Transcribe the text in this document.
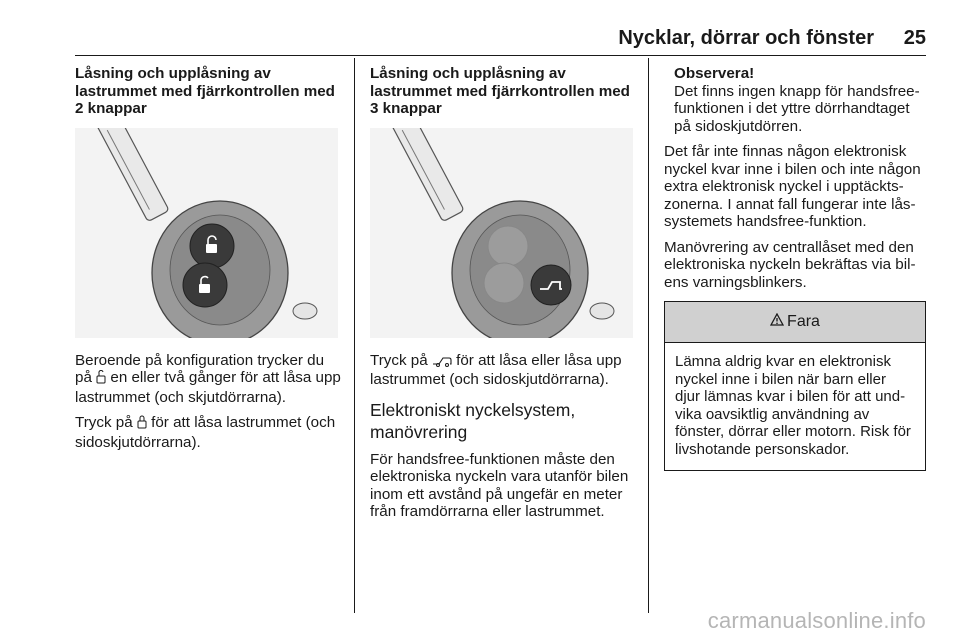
Nycklar, dörrar och fönster 25
Låsning och upplåsning av lastrummet med fjärrkontrollen med 2 knappar

Beroende på konfiguration trycker du på en eller två gånger för att låsa upp lastrummet (och skjutdörrarna).

Tryck på för att låsa lastrummet (och sidoskjutdörrarna).

Låsning och upplåsning av lastrummet med fjärrkontrollen med 3 knappar

Tryck på för att låsa eller låsa upp lastrummet (och sidoskjutdörrarna).

Elektroniskt nyckelsystem, manövrering

För handsfree-funktionen måste den elektroniska nyckeln vara utanför bilen inom ett avstånd på ungefär en meter från framdörrarna eller lastrummet.

Observera!
Det finns ingen knapp för handsfree-funktionen i det yttre dörrhandtaget på sidoskjutdörren.

Det får inte finnas någon elektronisk nyckel kvar inne i bilen och inte någon extra elektronisk nyckel i upptäcktszonerna. I annat fall fungerar inte låssystemets handsfree-funktion.

Manövrering av centrallåset med den elektroniska nyckeln bekräftas via bilens varningsblinkers.

Fara
Lämna aldrig kvar en elektronisk nyckel inne i bilen när barn eller djur lämnas kvar i bilen för att undvika oavsiktlig användning av fönster, dörrar eller motorn. Risk för livshotande personskador.
carmanualsonline.info
